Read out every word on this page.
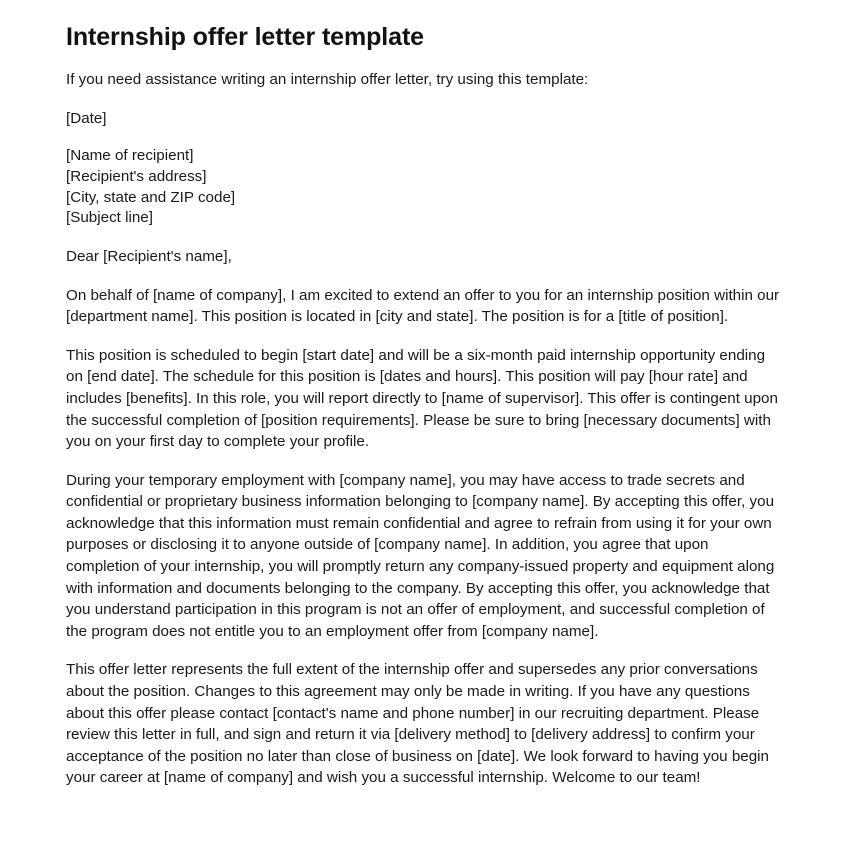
Internship offer letter template

If you need assistance writing an internship offer letter, try using this template:

[Date]

[Name of recipient]
[Recipient's address]
[City, state and ZIP code]
[Subject line]

Dear [Recipient's name],

On behalf of [name of company], I am excited to extend an offer to you for an internship position within our [department name]. This position is located in [city and state]. The position is for a [title of position].

This position is scheduled to begin [start date] and will be a six-month paid internship opportunity ending on [end date]. The schedule for this position is [dates and hours]. This position will pay [hour rate] and includes [benefits]. In this role, you will report directly to [name of supervisor]. This offer is contingent upon the successful completion of [position requirements]. Please be sure to bring [necessary documents] with you on your first day to complete your profile.

During your temporary employment with [company name], you may have access to trade secrets and confidential or proprietary business information belonging to [company name]. By accepting this offer, you acknowledge that this information must remain confidential and agree to refrain from using it for your own purposes or disclosing it to anyone outside of [company name]. In addition, you agree that upon completion of your internship, you will promptly return any company-issued property and equipment along with information and documents belonging to the company. By accepting this offer, you acknowledge that you understand participation in this program is not an offer of employment, and successful completion of the program does not entitle you to an employment offer from [company name].

This offer letter represents the full extent of the internship offer and supersedes any prior conversations about the position. Changes to this agreement may only be made in writing. If you have any questions about this offer please contact [contact's name and phone number] in our recruiting department. Please review this letter in full, and sign and return it via [delivery method] to [delivery address] to confirm your acceptance of the position no later than close of business on [date]. We look forward to having you begin your career at [name of company] and wish you a successful internship. Welcome to our team!
